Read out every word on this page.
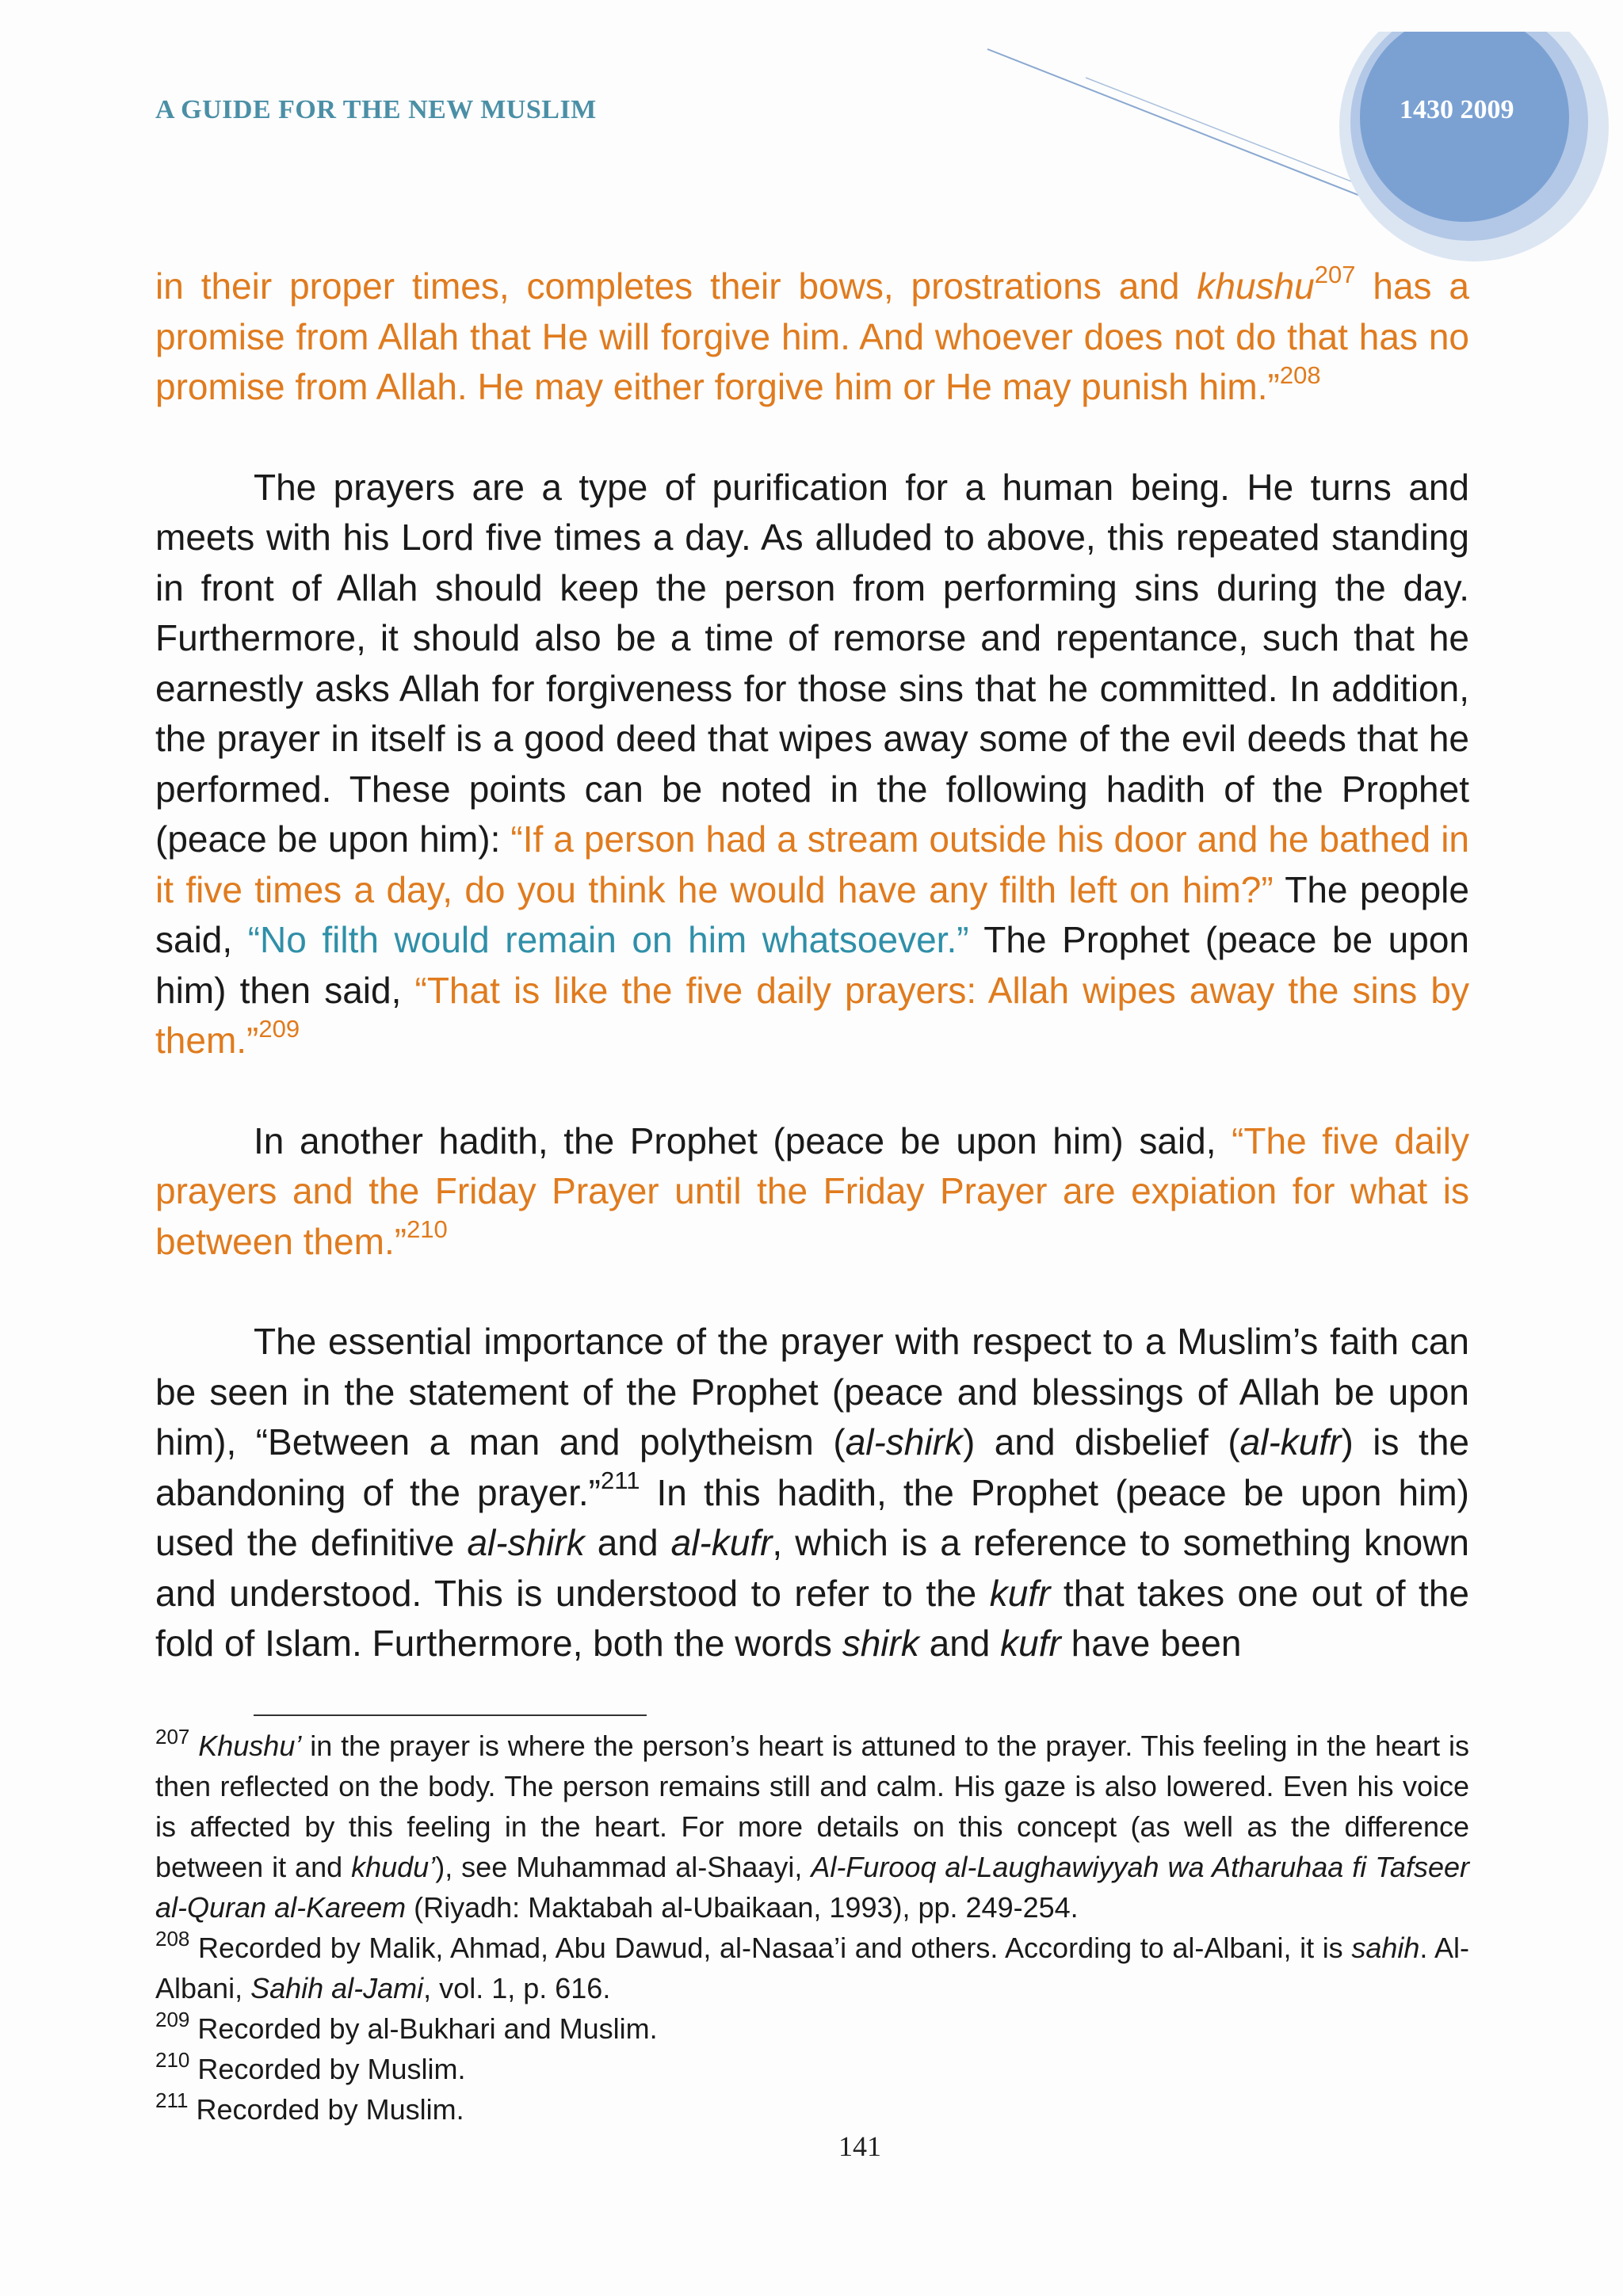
A GUIDE FOR THE NEW MUSLIM	1430 2009

in their proper times, completes their bows, prostrations and khushu$^{207}$ has a promise from Allah that He will forgive him. And whoever does not do that has no promise from Allah. He may either forgive him or He may punish him.”$^{208}$

The prayers are a type of purification for a human being. He turns and meets with his Lord five times a day. As alluded to above, this repeated standing in front of Allah should keep the person from performing sins during the day. Furthermore, it should also be a time of remorse and repentance, such that he earnestly asks Allah for forgiveness for those sins that he committed. In addition, the prayer in itself is a good deed that wipes away some of the evil deeds that he performed. These points can be noted in the following hadith of the Prophet (peace be upon him): “If a person had a stream outside his door and he bathed in it five times a day, do you think he would have any filth left on him?” The people said, “No filth would remain on him whatsoever.” The Prophet (peace be upon him) then said, “That is like the five daily prayers: Allah wipes away the sins by them.”$^{209}$

In another hadith, the Prophet (peace be upon him) said, “The five daily prayers and the Friday Prayer until the Friday Prayer are expiation for what is between them.”$^{210}$

The essential importance of the prayer with respect to a Muslim’s faith can be seen in the statement of the Prophet (peace and blessings of Allah be upon him), “Between a man and polytheism (al-shirk) and disbelief (al-kufr) is the abandoning of the prayer.”$^{211}$ In this hadith, the Prophet (peace be upon him) used the definitive al-shirk and al-kufr, which is a reference to something known and understood. This is understood to refer to the kufr that takes one out of the fold of Islam. Furthermore, both the words shirk and kufr have been

$^{207}$ Khushu’ in the prayer is where the person’s heart is attuned to the prayer. This feeling in the heart is then reflected on the body. The person remains still and calm. His gaze is also lowered. Even his voice is affected by this feeling in the heart. For more details on this concept (as well as the difference between it and khudu’), see Muhammad al-Shaayi, Al-Furooq al-Laughawiyyah wa Atharuhaa fi Tafseer al-Quran al-Kareem (Riyadh: Maktabah al-Ubaikaan, 1993), pp. 249-254.

$^{208}$ Recorded by Malik, Ahmad, Abu Dawud, al-Nasaa’i and others. According to al-Albani, it is sahih. Al-Albani, Sahih al-Jami, vol. 1, p. 616.

$^{209}$ Recorded by al-Bukhari and Muslim.

$^{210}$ Recorded by Muslim.

$^{211}$ Recorded by Muslim.

141
